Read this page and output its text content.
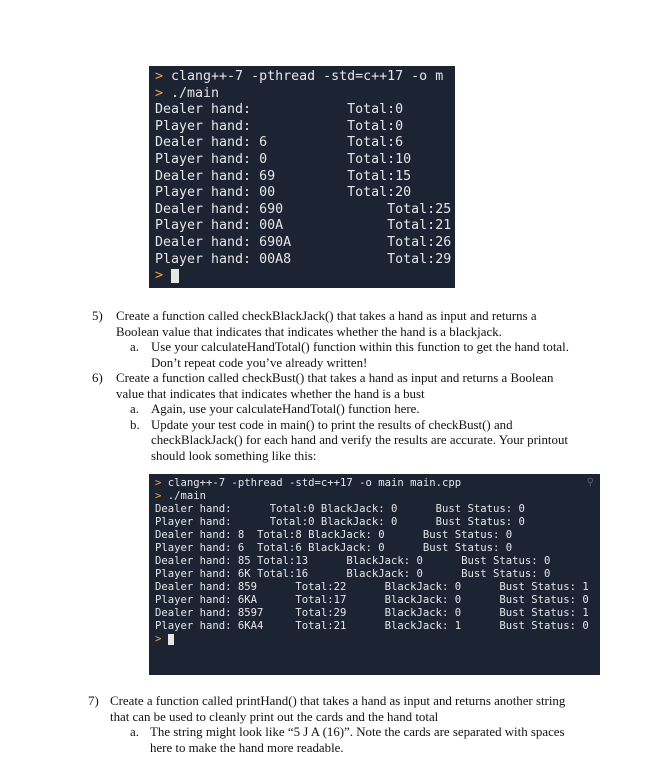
> clang++-7 -pthread -std=c++17 -o m

> ./main

Dealer hand:            Total:0

Player hand:            Total:0

Dealer hand: 6          Total:6

Player hand: 0          Total:10

Dealer hand: 69         Total:15

Player hand: 00         Total:20

Dealer hand: 690             Total:25

Player hand: 00A             Total:21

Dealer hand: 690A            Total:26

Player hand: 00A8            Total:29

>

5) Create a function called checkBlackJack() that takes a hand as input and returns a
Boolean value that indicates that indicates whether the hand is a blackjack.
a. Use your calculateHandTotal() function within this function to get the hand total.
Don’t repeat code you’ve already written!
6) Create a function called checkBust() that takes a hand as input and returns a Boolean
value that indicates that indicates whether the hand is a bust
a. Again, use your calculateHandTotal() function here.
b. Update your test code in main() to print the results of checkBust() and
checkBlackJack() for each hand and verify the results are accurate. Your printout
should look something like this:

⚲

> clang++-7 -pthread -std=c++17 -o main main.cpp

> ./main

Dealer hand:      Total:0 BlackJack: 0      Bust Status: 0

Player hand:      Total:0 BlackJack: 0      Bust Status: 0

Dealer hand: 8  Total:8 BlackJack: 0      Bust Status: 0

Player hand: 6  Total:6 BlackJack: 0      Bust Status: 0

Dealer hand: 85 Total:13      BlackJack: 0      Bust Status: 0

Player hand: 6K Total:16      BlackJack: 0      Bust Status: 0

Dealer hand: 859      Total:22      BlackJack: 0      Bust Status: 1

Player hand: 6KA      Total:17      BlackJack: 0      Bust Status: 0

Dealer hand: 8597     Total:29      BlackJack: 0      Bust Status: 1

Player hand: 6KA4     Total:21      BlackJack: 1      Bust Status: 0

>

7) Create a function called printHand() that takes a hand as input and returns another string
that can be used to cleanly print out the cards and the hand total
a. The string might look like “5 J A (16)”. Note the cards are separated with spaces
here to make the hand more readable.
